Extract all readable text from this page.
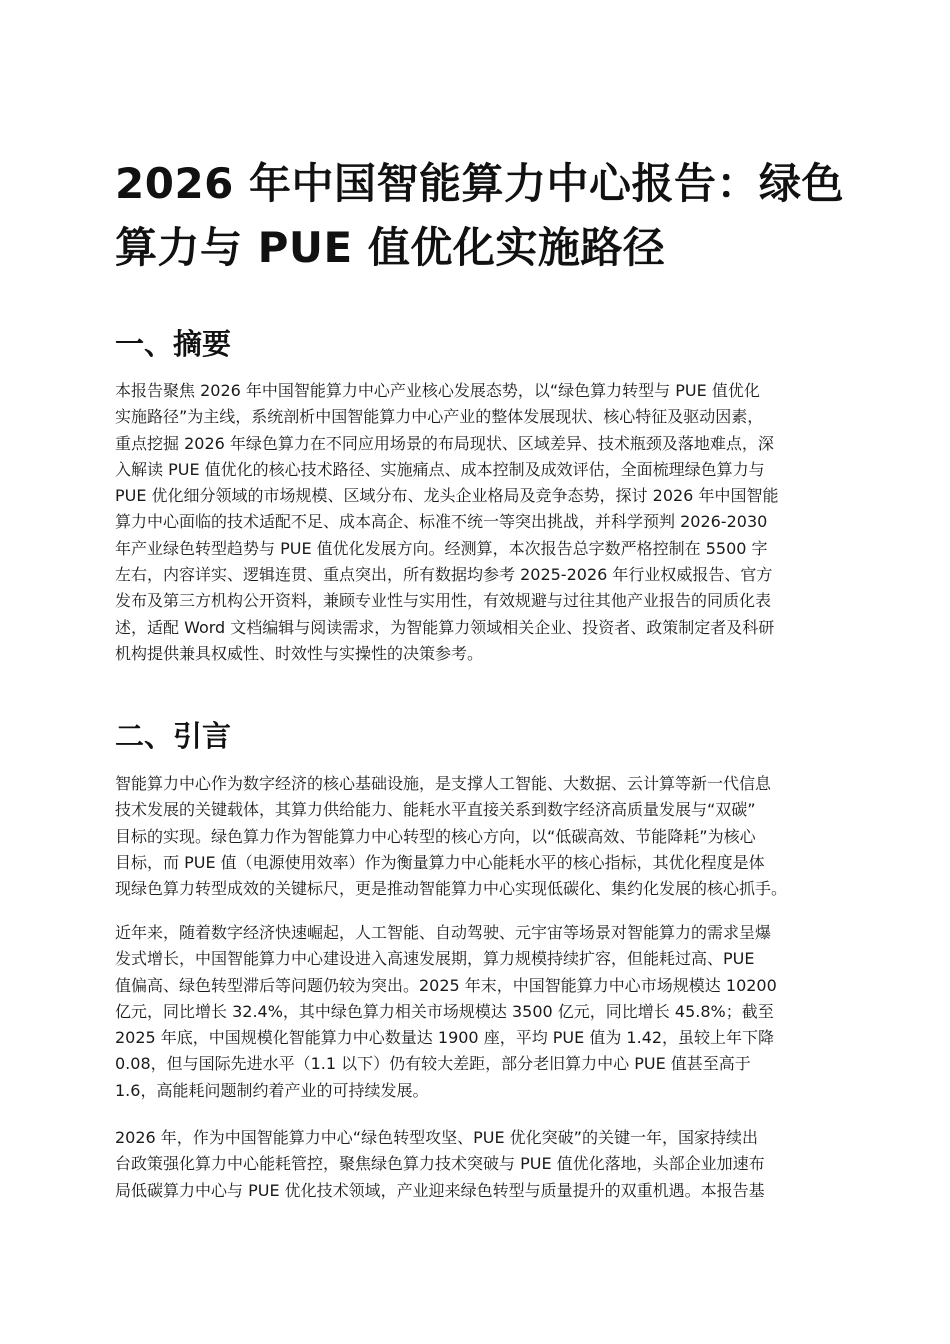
2026 年中国智能算力中心报告：绿色
算力与 PUE 值优化实施路径
一、摘要
本报告聚焦 2026 年中国智能算力中心产业核心发展态势，以“绿色算力转型与 PUE 值优化
实施路径”为主线，系统剖析中国智能算力中心产业的整体发展现状、核心特征及驱动因素，
重点挖掘 2026 年绿色算力在不同应用场景的布局现状、区域差异、技术瓶颈及落地难点，深
入解读 PUE 值优化的核心技术路径、实施痛点、成本控制及成效评估，全面梳理绿色算力与
PUE 优化细分领域的市场规模、区域分布、龙头企业格局及竞争态势，探讨 2026 年中国智能
算力中心面临的技术适配不足、成本高企、标准不统一等突出挑战，并科学预判 2026-2030
年产业绿色转型趋势与 PUE 值优化发展方向。经测算，本次报告总字数严格控制在 5500 字
左右，内容详实、逻辑连贯、重点突出，所有数据均参考 2025-2026 年行业权威报告、官方
发布及第三方机构公开资料，兼顾专业性与实用性，有效规避与过往其他产业报告的同质化表
述，适配 Word 文档编辑与阅读需求，为智能算力领域相关企业、投资者、政策制定者及科研
机构提供兼具权威性、时效性与实操性的决策参考。
二、引言
智能算力中心作为数字经济的核心基础设施，是支撑人工智能、大数据、云计算等新一代信息
技术发展的关键载体，其算力供给能力、能耗水平直接关系到数字经济高质量发展与“双碳”
目标的实现。绿色算力作为智能算力中心转型的核心方向，以“低碳高效、节能降耗”为核心
目标，而 PUE 值（电源使用效率）作为衡量算力中心能耗水平的核心指标，其优化程度是体
现绿色算力转型成效的关键标尺，更是推动智能算力中心实现低碳化、集约化发展的核心抓手。
近年来，随着数字经济快速崛起，人工智能、自动驾驶、元宇宙等场景对智能算力的需求呈爆
发式增长，中国智能算力中心建设进入高速发展期，算力规模持续扩容，但能耗过高、PUE
值偏高、绿色转型滞后等问题仍较为突出。2025 年末，中国智能算力中心市场规模达 10200
亿元，同比增长 32.4%，其中绿色算力相关市场规模达 3500 亿元，同比增长 45.8%；截至
2025 年底，中国规模化智能算力中心数量达 1900 座，平均 PUE 值为 1.42，虽较上年下降
0.08，但与国际先进水平（1.1 以下）仍有较大差距，部分老旧算力中心 PUE 值甚至高于
1.6，高能耗问题制约着产业的可持续发展。
2026 年，作为中国智能算力中心“绿色转型攻坚、PUE 优化突破”的关键一年，国家持续出
台政策强化算力中心能耗管控，聚焦绿色算力技术突破与 PUE 值优化落地，头部企业加速布
局低碳算力中心与 PUE 优化技术领域，产业迎来绿色转型与质量提升的双重机遇。本报告基
